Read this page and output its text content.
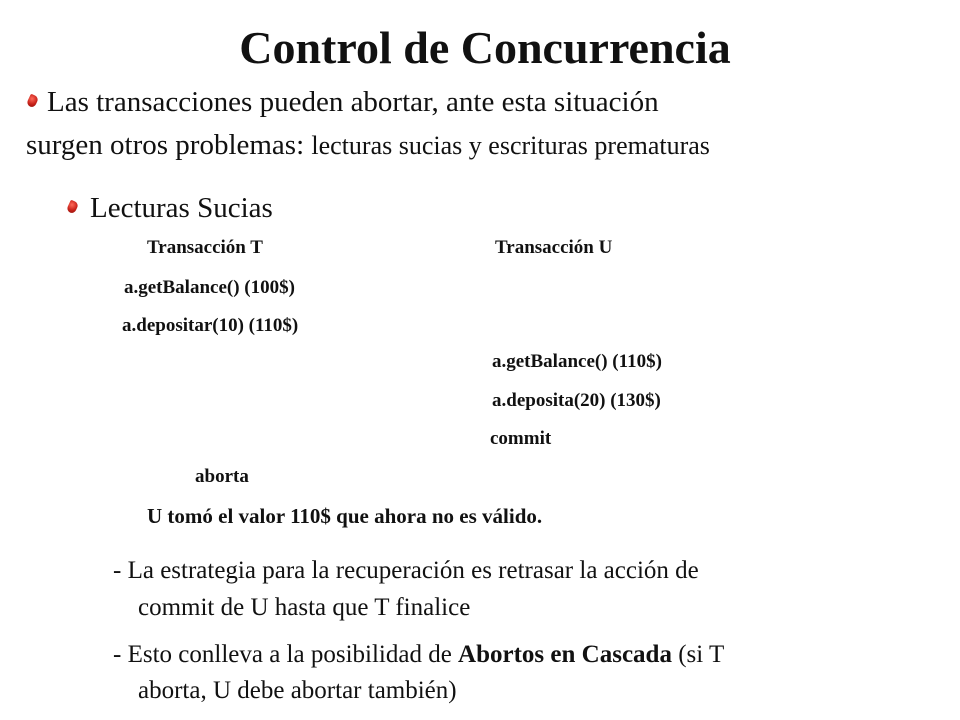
Control de Concurrencia
Las transacciones pueden abortar, ante esta situación
surgen otros problemas: lecturas sucias y escrituras prematuras
Lecturas Sucias
Transacción T	Transacción U
a.getBalance() (100$)
a.depositar(10) (110$)
a.getBalance() (110$)
a.deposita(20) (130$)
commit
aborta
U tomó el valor 110$ que ahora no es válido.
- La estrategia para la recuperación es retrasar la acción de
commit de U hasta que T finalice
- Esto conlleva a la posibilidad de Abortos en Cascada (si T
aborta, U debe abortar también)
